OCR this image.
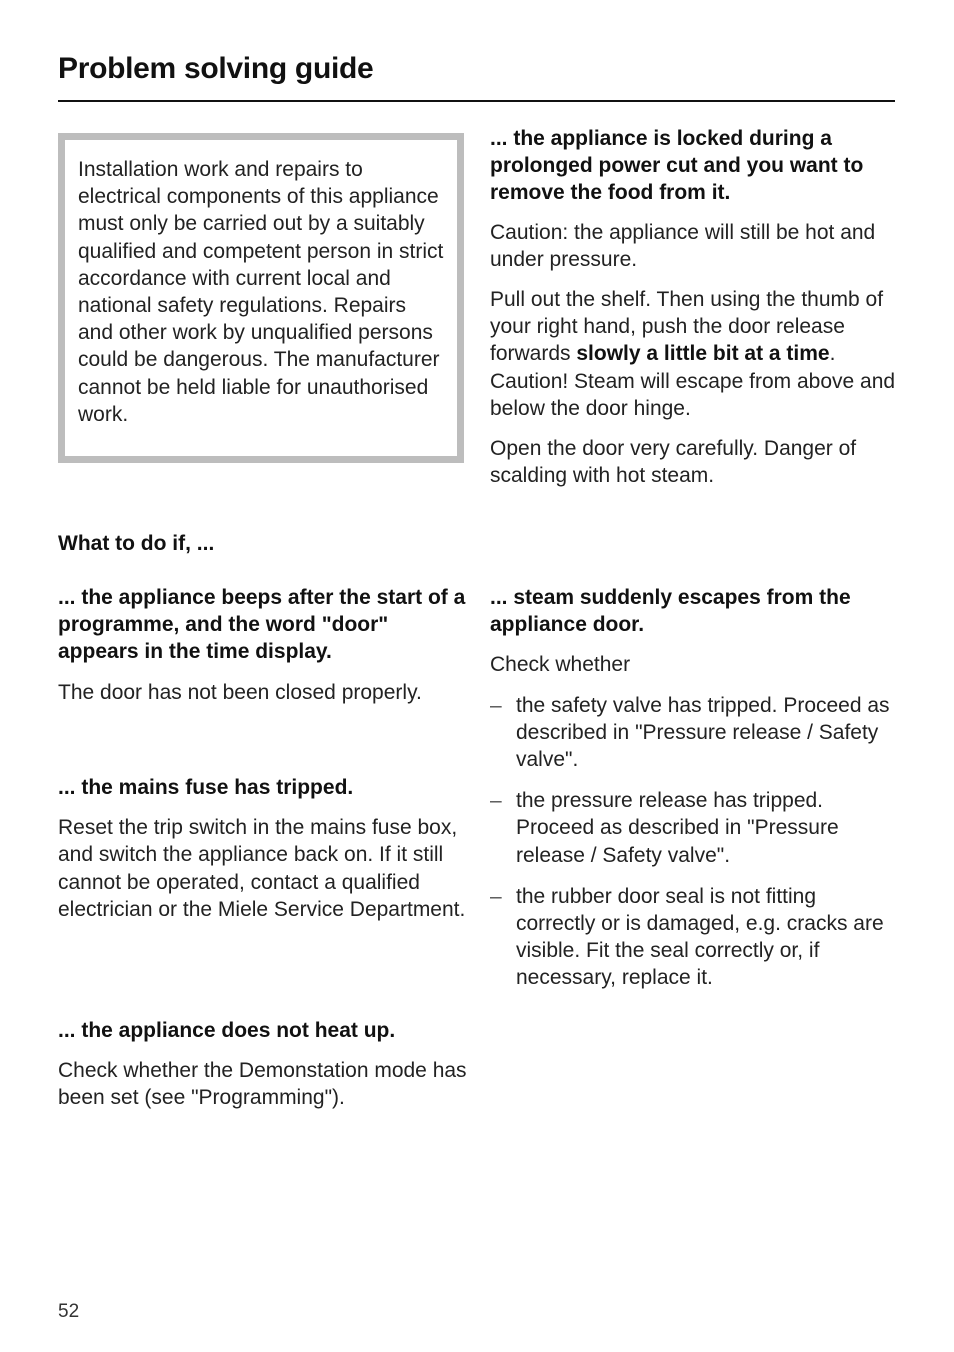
Problem solving guide

Installation work and repairs to electrical components of this appliance must only be carried out by a suitably qualified and competent person in strict accordance with current local and national safety regulations. Repairs and other work by unqualified persons could be dangerous. The manufacturer cannot be held liable for unauthorised work.

What to do if, ...

... the appliance beeps after the start of a programme, and the word "door" appears in the time display.

The door has not been closed properly.

... the mains fuse has tripped.

Reset the trip switch in the mains fuse box, and switch the appliance back on. If it still cannot be operated, contact a qualified electrician or the Miele Service Department.

... the appliance does not heat up.

Check whether the Demonstation mode has been set (see "Programming").

... the appliance is locked during a prolonged power cut and you want to remove the food from it.

Caution: the appliance will still be hot and under pressure.

Pull out the shelf. Then using the thumb of your right hand, push the door release forwards slowly a little bit at a time.

Caution! Steam will escape from above and below the door hinge.

Open the door very carefully. Danger of scalding with hot steam.

... steam suddenly escapes from the appliance door.

Check whether

– the safety valve has tripped. Proceed as described in "Pressure release / Safety valve".

– the pressure release has tripped. Proceed as described in "Pressure release / Safety valve".

– the rubber door seal is not fitting correctly or is damaged, e.g. cracks are visible. Fit the seal correctly or, if necessary, replace it.

52
